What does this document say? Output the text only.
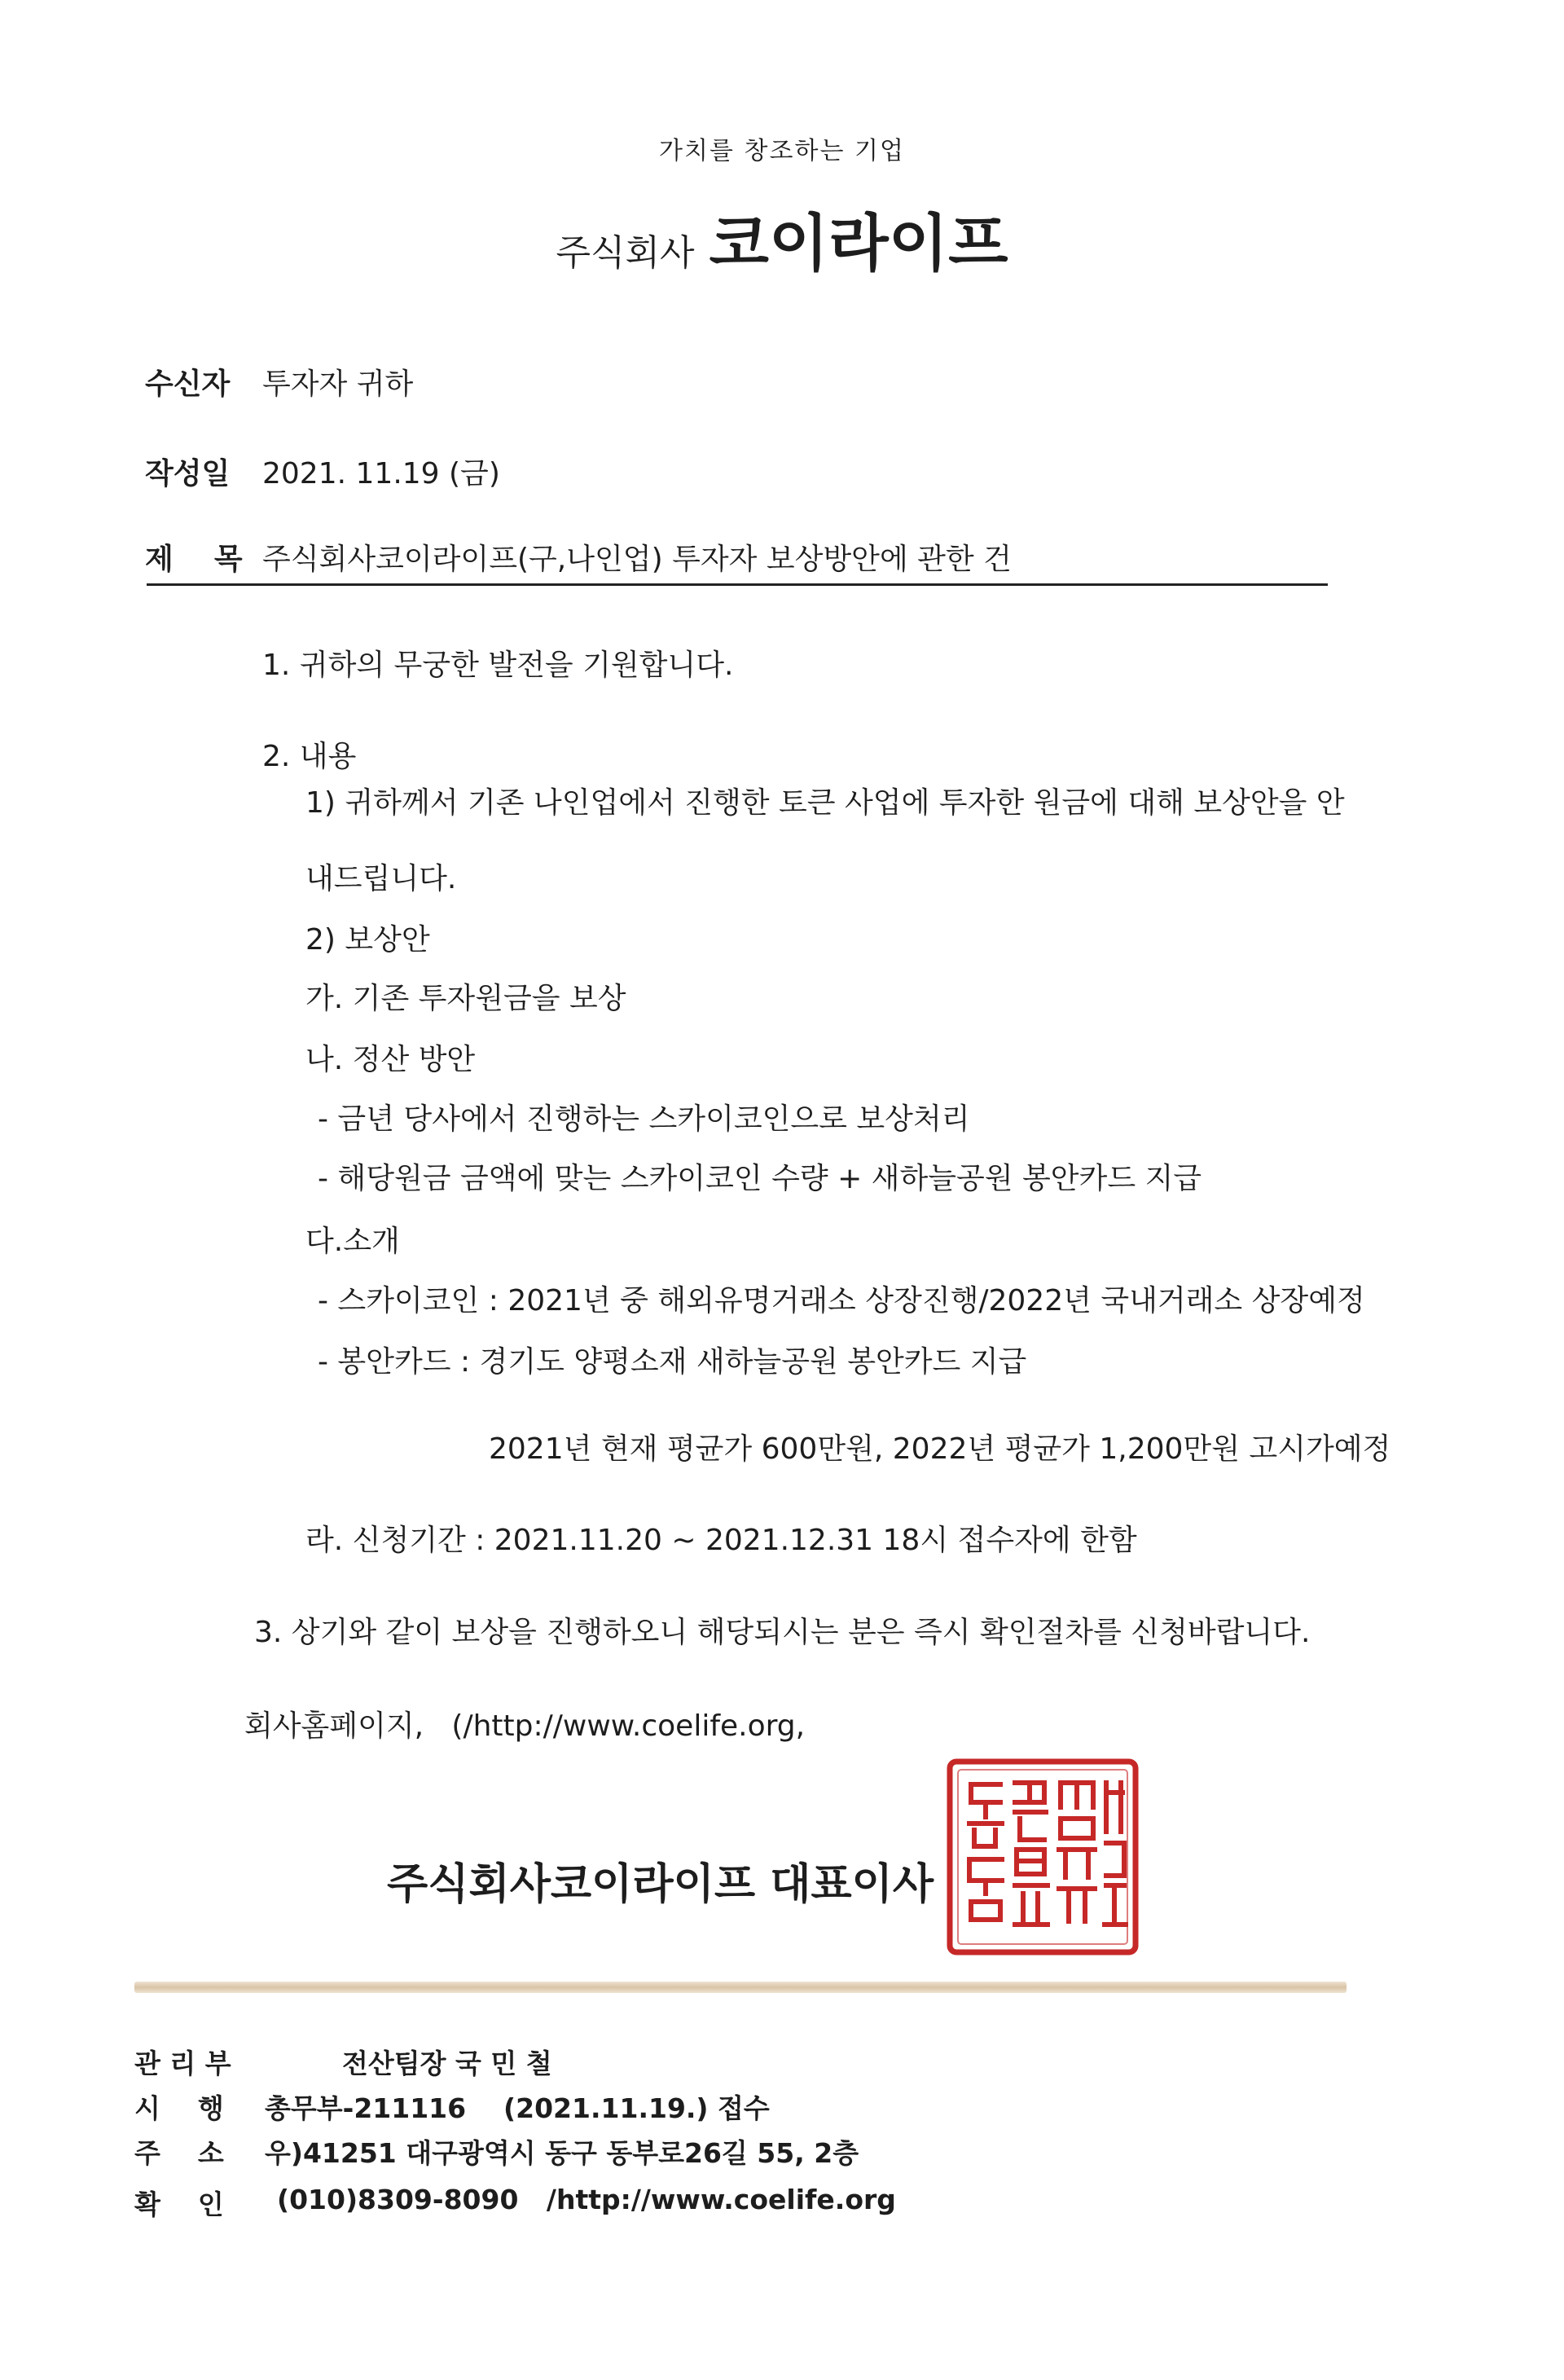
가치를 창조하는 기업
주식회사 코이라이프
수신자 투자자 귀하
작성일 2021. 11.19 (금)
제    목 주식회사코이라이프(구,나인업) 투자자 보상방안에 관한 건
1. 귀하의 무궁한 발전을 기원합니다.
2. 내용
1) 귀하께서 기존 나인업에서 진행한 토큰 사업에 투자한 원금에 대해 보상안을 안
내드립니다.
2) 보상안
가. 기존 투자원금을 보상
나. 정산 방안
- 금년 당사에서 진행하는 스카이코인으로 보상처리
- 해당원금 금액에 맞는 스카이코인 수량 + 새하늘공원 봉안카드 지급
다.소개
- 스카이코인 : 2021년 중 해외유명거래소 상장진행/2022년 국내거래소 상장예정
- 봉안카드 : 경기도 양평소재 새하늘공원 봉안카드 지급
2021년 현재 평균가 600만원, 2022년 평균가 1,200만원 고시가예정
라. 신청기간 : 2021.11.20 ~ 2021.12.31 18시 접수자에 한함
3. 상기와 같이 보상을 진행하오니 해당되시는 분은 즉시 확인절차를 신청바랍니다.
회사홈페이지,   (/http://www.coelife.org,
주식회사코이라이프 대표이사
관 리 부	전산팀장 국 민 철
시    행 총무부-211116    (2021.11.19.) 접수
주    소 우)41251 대구광역시 동구 동부로26길 55, 2층
확    인 (010)8309-8090   /http://www.coelife.org
